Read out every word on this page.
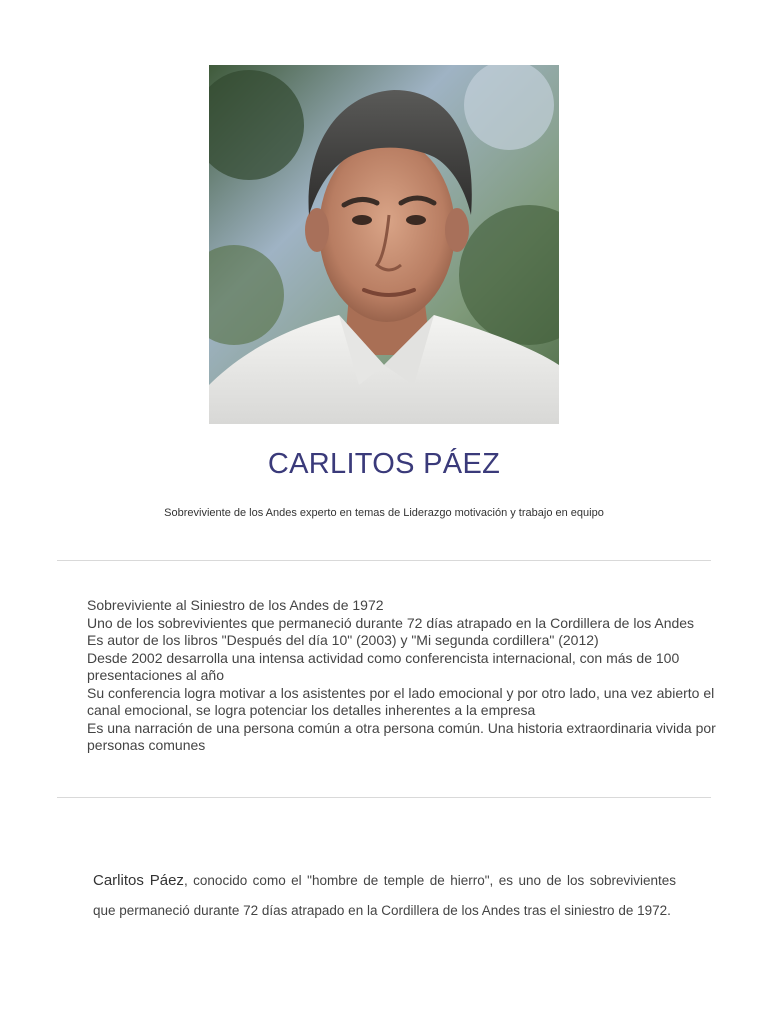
CARLITOS PÁEZ
Sobreviviente de los Andes experto en temas de Liderazgo motivación y trabajo en equipo
Sobreviviente al Siniestro de los Andes de 1972
Uno de los sobrevivientes que permaneció durante 72 días atrapado en la Cordillera de los Andes
Es autor de los libros "Después del día 10" (2003) y "Mi segunda cordillera" (2012)
Desde 2002 desarrolla una intensa actividad como conferencista internacional, con más de 100 presentaciones al año
Su conferencia logra motivar a los asistentes por el lado emocional y por otro lado, una vez abierto el canal emocional, se logra potenciar los detalles inherentes a la empresa
Es una narración de una persona común a otra persona común. Una historia extraordinaria vivida por personas comunes
Carlitos Páez, conocido como el "hombre de temple de hierro", es uno de los sobrevivientes que permaneció durante 72 días atrapado en la Cordillera de los Andes tras el siniestro de 1972.
